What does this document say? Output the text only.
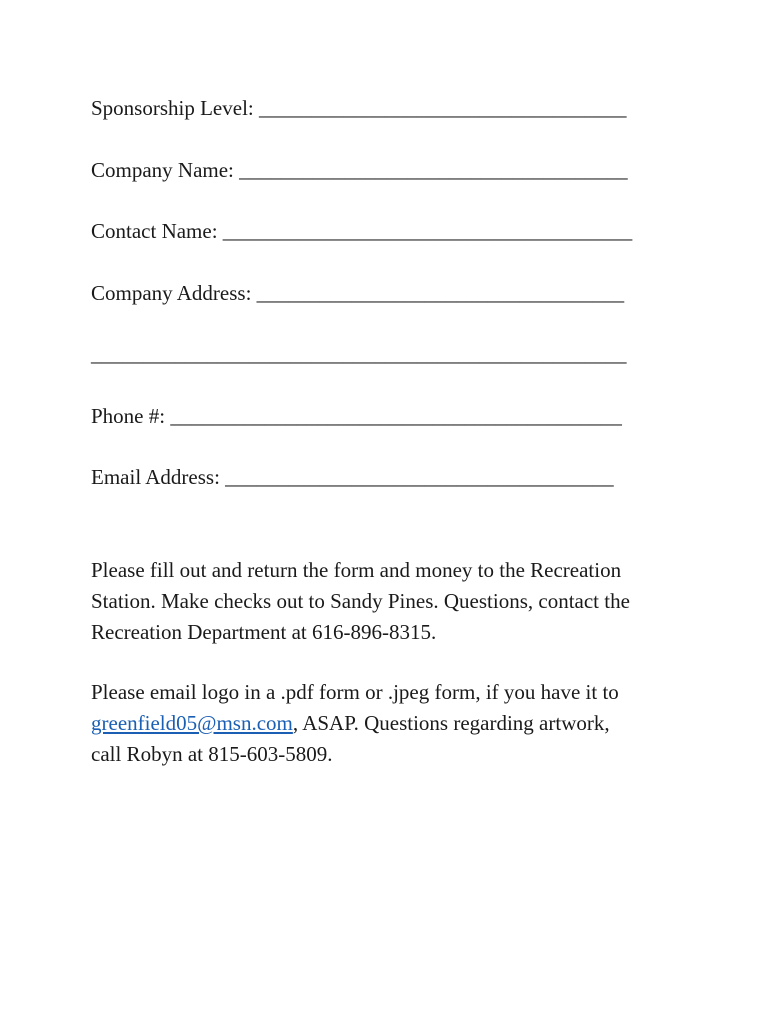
Sponsorship Level: ___________________________________
Company Name: _____________________________________
Contact Name: _______________________________________
Company Address: ___________________________________
___________________________________________________
Phone #: ___________________________________________
Email Address: _____________________________________

Please fill out and return the form and money to the Recreation

Station. Make checks out to Sandy Pines. Questions, contact the

Recreation Department at 616-896-8315.

Please email logo in a .pdf form or .jpeg form, if you have it to

greenfield05@msn.com, ASAP. Questions regarding artwork,

call Robyn at 815-603-5809.
